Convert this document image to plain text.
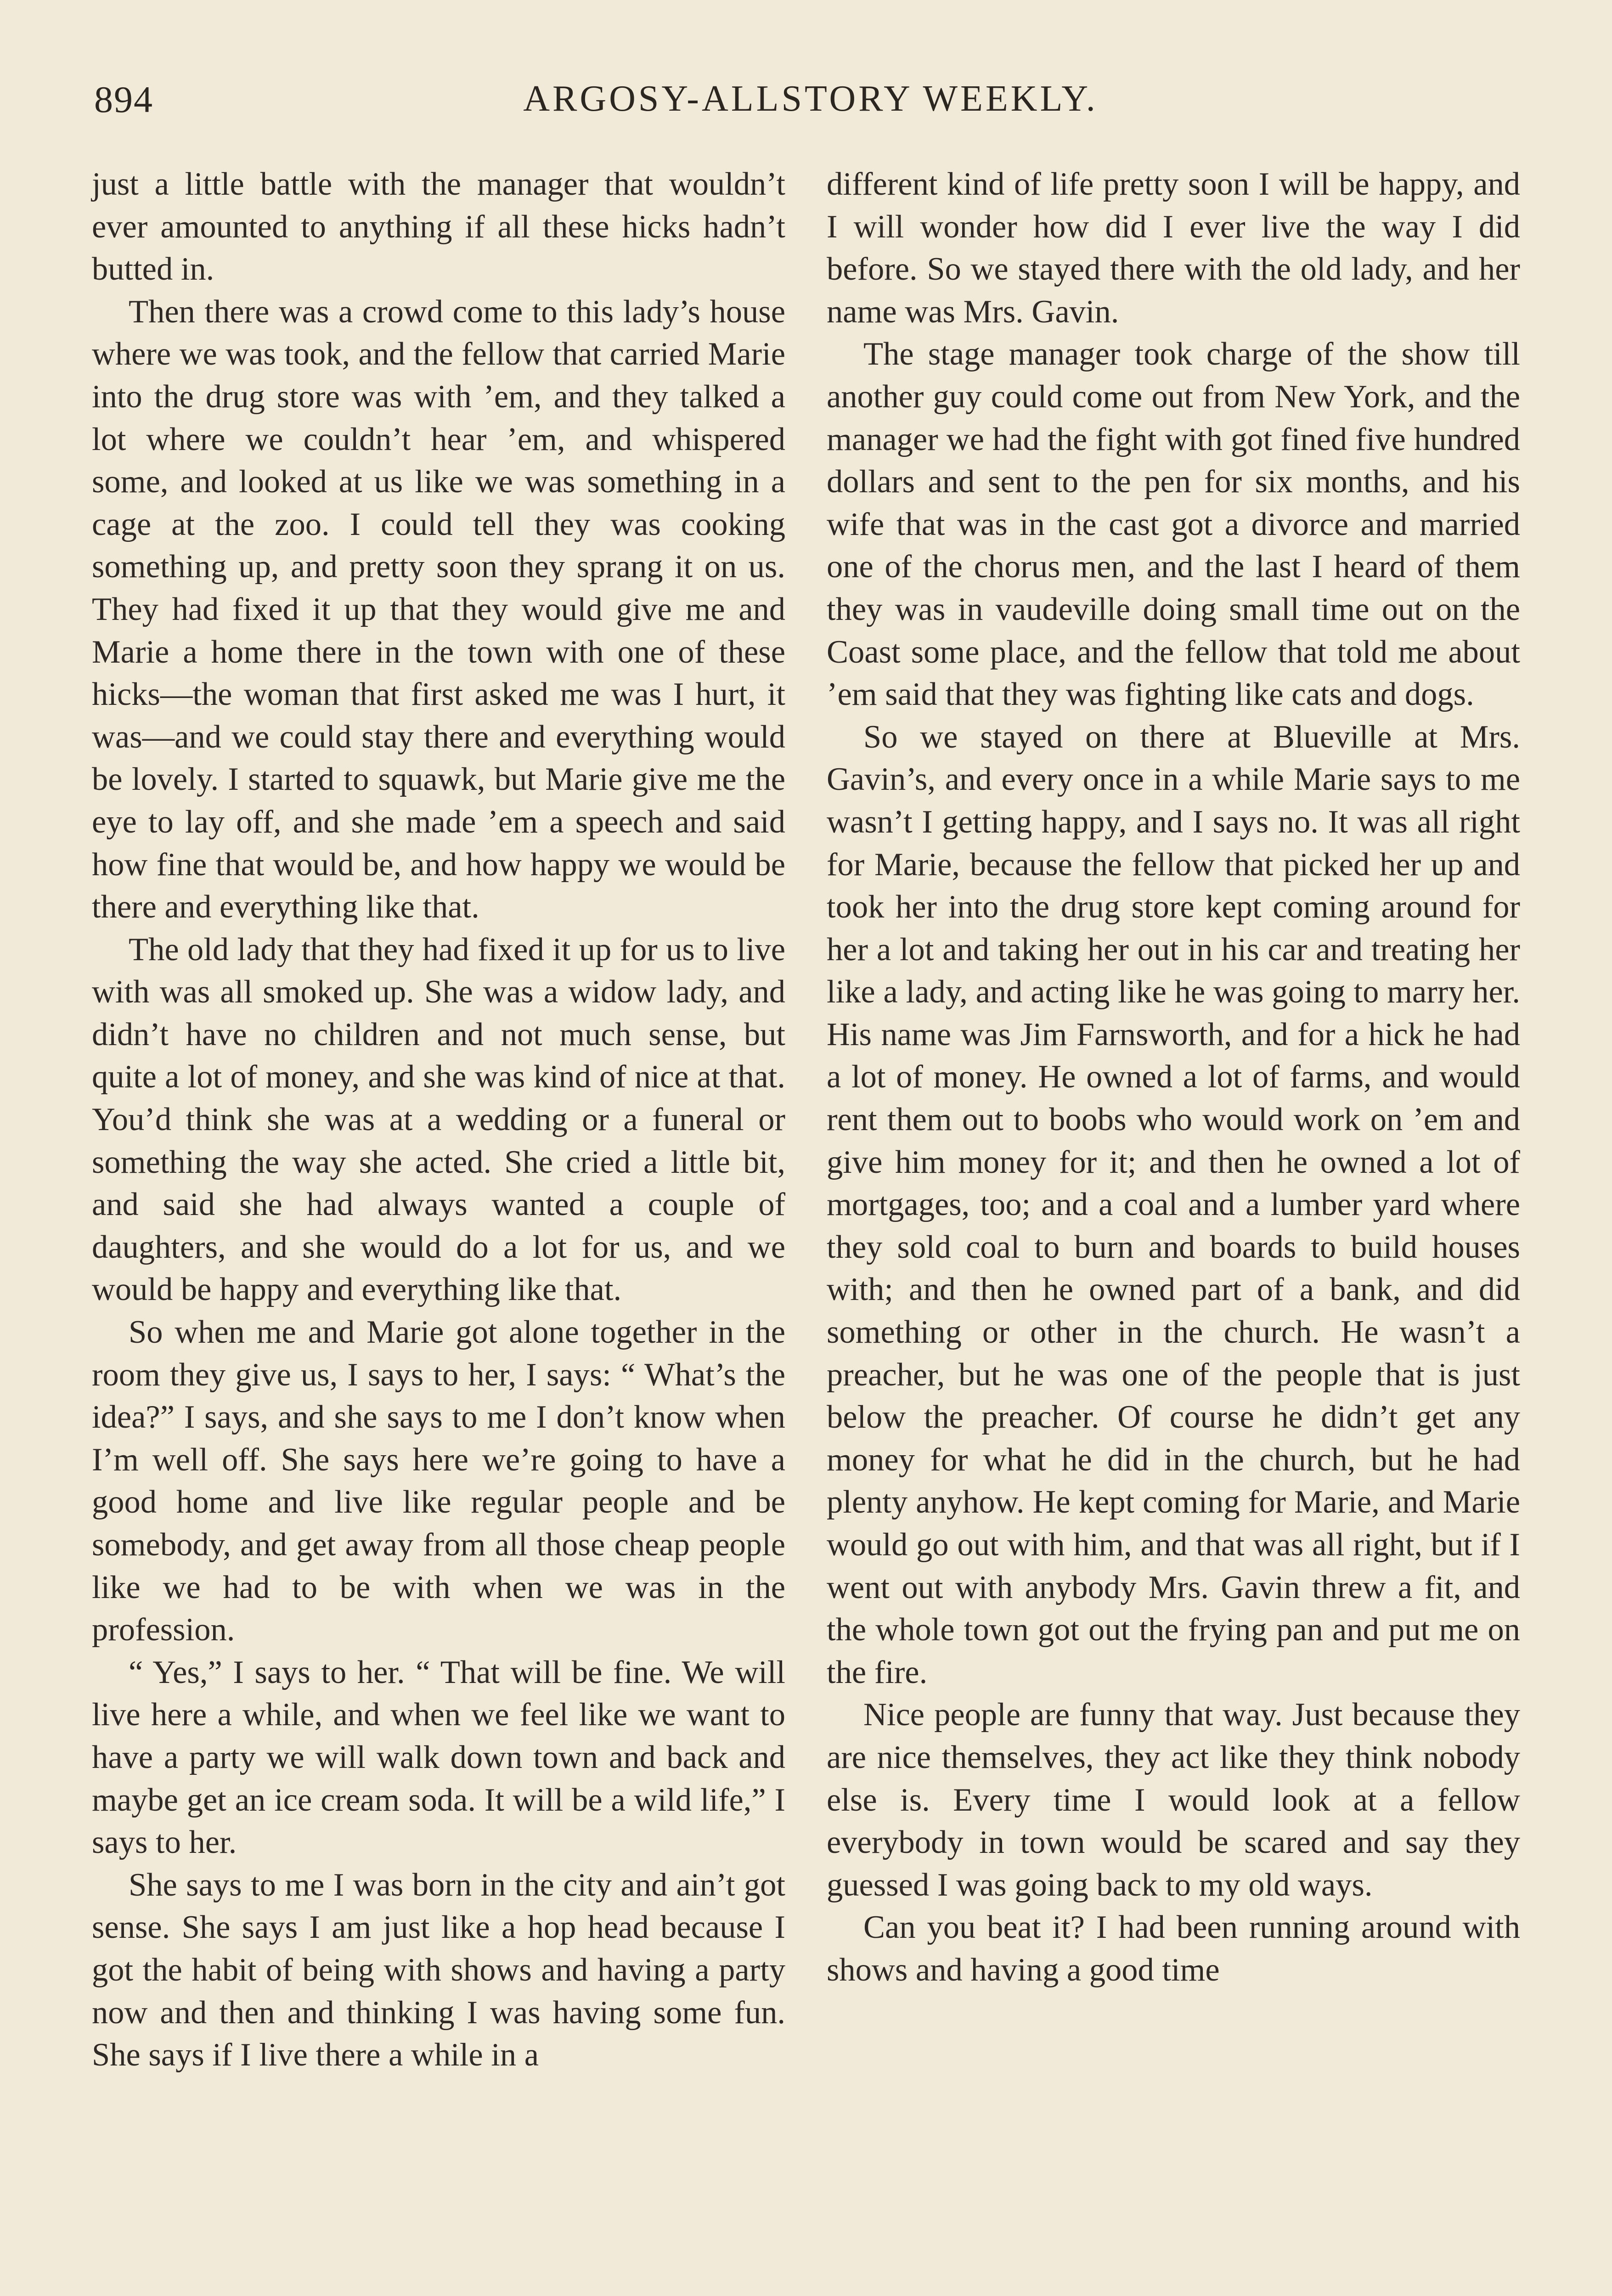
894	ARGOSY-ALLSTORY WEEKLY.

just a little battle with the manager that wouldn’t ever amounted to anything if all these hicks hadn’t butted in.

Then there was a crowd come to this lady’s house where we was took, and the fellow that carried Marie into the drug store was with ’em, and they talked a lot where we couldn’t hear ’em, and whispered some, and looked at us like we was something in a cage at the zoo. I could tell they was cooking something up, and pretty soon they sprang it on us. They had fixed it up that they would give me and Marie a home there in the town with one of these hicks—the woman that first asked me was I hurt, it was—and we could stay there and everything would be lovely. I started to squawk, but Marie give me the eye to lay off, and she made ’em a speech and said how fine that would be, and how happy we would be there and everything like that.

The old lady that they had fixed it up for us to live with was all smoked up. She was a widow lady, and didn’t have no children and not much sense, but quite a lot of money, and she was kind of nice at that. You’d think she was at a wedding or a funeral or something the way she acted. She cried a little bit, and said she had always wanted a couple of daughters, and she would do a lot for us, and we would be happy and everything like that.

So when me and Marie got alone together in the room they give us, I says to her, I says: “ What’s the idea?” I says, and she says to me I don’t know when I’m well off. She says here we’re going to have a good home and live like regular people and be somebody, and get away from all those cheap people like we had to be with when we was in the profession.

“ Yes,” I says to her. “ That will be fine. We will live here a while, and when we feel like we want to have a party we will walk down town and back and maybe get an ice cream soda. It will be a wild life,” I says to her.

She says to me I was born in the city and ain’t got sense. She says I am just like a hop head because I got the habit of being with shows and having a party now and then and thinking I was having some fun. She says if I live there a while in a

different kind of life pretty soon I will be happy, and I will wonder how did I ever live the way I did before. So we stayed there with the old lady, and her name was Mrs. Gavin.

The stage manager took charge of the show till another guy could come out from New York, and the manager we had the fight with got fined five hundred dollars and sent to the pen for six months, and his wife that was in the cast got a divorce and married one of the chorus men, and the last I heard of them they was in vaudeville doing small time out on the Coast some place, and the fellow that told me about ’em said that they was fighting like cats and dogs.

So we stayed on there at Blueville at Mrs. Gavin’s, and every once in a while Marie says to me wasn’t I getting happy, and I says no. It was all right for Marie, because the fellow that picked her up and took her into the drug store kept coming around for her a lot and taking her out in his car and treating her like a lady, and acting like he was going to marry her. His name was Jim Farnsworth, and for a hick he had a lot of money. He owned a lot of farms, and would rent them out to boobs who would work on ’em and give him money for it; and then he owned a lot of mortgages, too; and a coal and a lumber yard where they sold coal to burn and boards to build houses with; and then he owned part of a bank, and did something or other in the church. He wasn’t a preacher, but he was one of the people that is just below the preacher. Of course he didn’t get any money for what he did in the church, but he had plenty anyhow. He kept coming for Marie, and Marie would go out with him, and that was all right, but if I went out with anybody Mrs. Gavin threw a fit, and the whole town got out the frying pan and put me on the fire.

Nice people are funny that way. Just because they are nice themselves, they act like they think nobody else is. Every time I would look at a fellow everybody in town would be scared and say they guessed I was going back to my old ways.

Can you beat it? I had been running around with shows and having a good time
